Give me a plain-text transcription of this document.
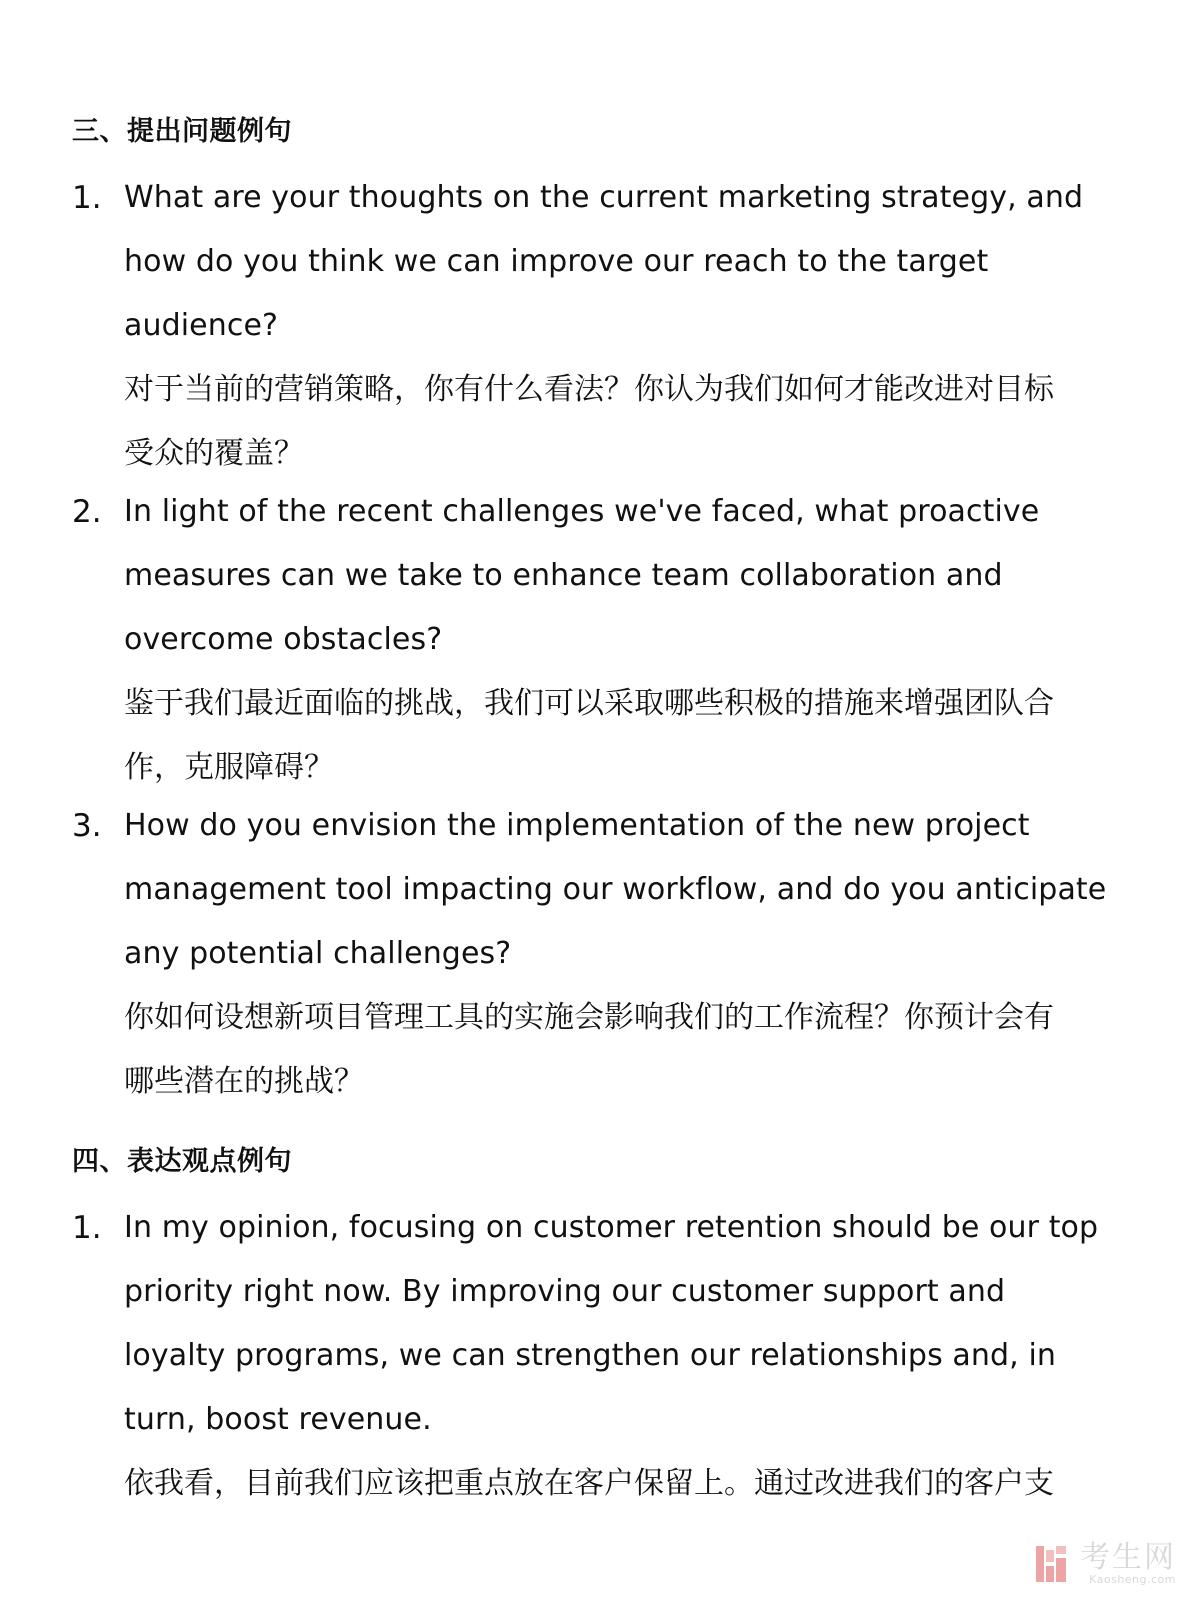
三、提出问题例句
1. What are your thoughts on the current marketing strategy, and

how do you think we can improve our reach to the target

audience?

对于当前的营销策略，你有什么看法？你认为我们如何才能改进对目标

受众的覆盖？

2. In light of the recent challenges we've faced, what proactive

measures can we take to enhance team collaboration and

overcome obstacles?

鉴于我们最近面临的挑战，我们可以采取哪些积极的措施来增强团队合

作，克服障碍？

3. How do you envision the implementation of the new project

management tool impacting our workflow, and do you anticipate

any potential challenges?

你如何设想新项目管理工具的实施会影响我们的工作流程？你预计会有

哪些潜在的挑战？

四、表达观点例句
1. In my opinion, focusing on customer retention should be our top

priority right now. By improving our customer support and

loyalty programs, we can strengthen our relationships and, in

turn, boost revenue.

依我看，目前我们应该把重点放在客户保留上。通过改进我们的客户支

考生网
Kaosheng.com
